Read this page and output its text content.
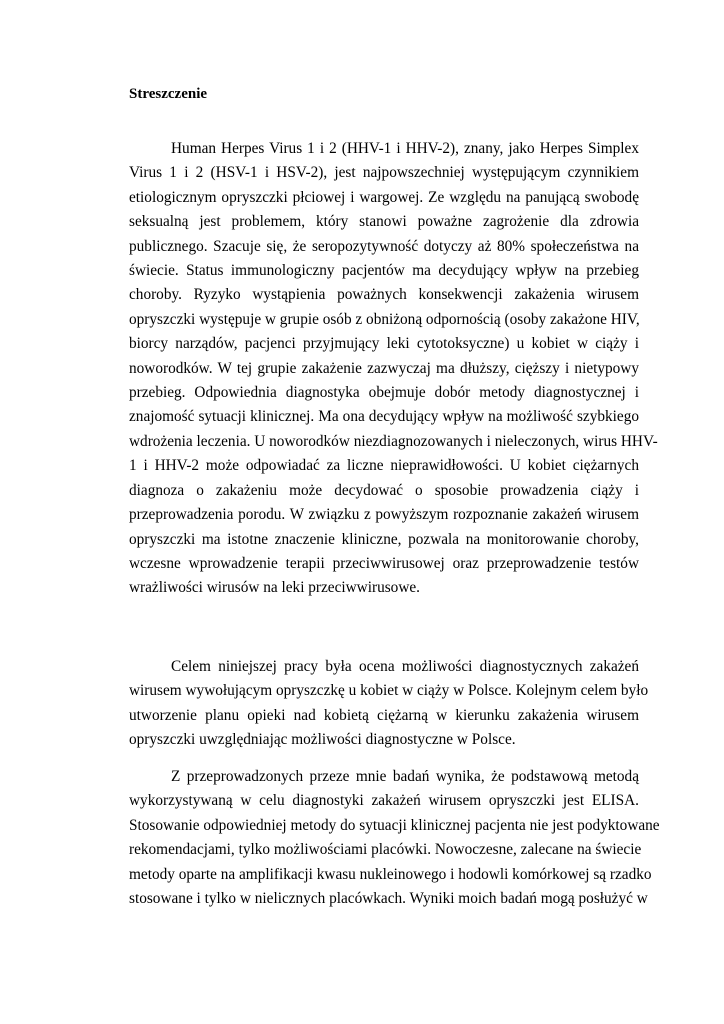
Streszczenie
Human Herpes Virus 1 i 2 (HHV-1 i HHV-2), znany, jako Herpes Simplex
Virus 1 i 2 (HSV-1 i HSV-2), jest najpowszechniej występującym czynnikiem
etiologicznym opryszczki płciowej i wargowej. Ze względu na panującą swobodę
seksualną jest problemem, który stanowi poważne zagrożenie dla zdrowia
publicznego. Szacuje się, że seropozytywność dotyczy aż 80% społeczeństwa na
świecie. Status immunologiczny pacjentów ma decydujący wpływ na przebieg
choroby. Ryzyko wystąpienia poważnych konsekwencji zakażenia wirusem
opryszczki występuje w grupie osób z obniżoną odpornością (osoby zakażone HIV,
biorcy narządów, pacjenci przyjmujący leki cytotoksyczne) u kobiet w ciąży i
noworodków. W tej grupie zakażenie zazwyczaj ma dłuższy, cięższy i nietypowy
przebieg. Odpowiednia diagnostyka obejmuje dobór metody diagnostycznej i
znajomość sytuacji klinicznej. Ma ona decydujący wpływ na możliwość szybkiego
wdrożenia leczenia. U noworodków niezdiagnozowanych i nieleczonych, wirus HHV-
1 i HHV-2 może odpowiadać za liczne nieprawidłowości. U kobiet ciężarnych
diagnoza o zakażeniu może decydować o sposobie prowadzenia ciąży i
przeprowadzenia porodu. W związku z powyższym rozpoznanie zakażeń wirusem
opryszczki ma istotne znaczenie kliniczne, pozwala na monitorowanie choroby,
wczesne wprowadzenie terapii przeciwwirusowej oraz przeprowadzenie testów
wrażliwości wirusów na leki przeciwwirusowe.
Celem niniejszej pracy była ocena możliwości diagnostycznych zakażeń
wirusem wywołującym opryszczkę u kobiet w ciąży w Polsce. Kolejnym celem było
utworzenie planu opieki nad kobietą ciężarną w kierunku zakażenia wirusem
opryszczki uwzględniając możliwości diagnostyczne w Polsce.
Z przeprowadzonych przeze mnie badań wynika, że podstawową metodą
wykorzystywaną w celu diagnostyki zakażeń wirusem opryszczki jest ELISA.
Stosowanie odpowiedniej metody do sytuacji klinicznej pacjenta nie jest podyktowane
rekomendacjami, tylko możliwościami placówki. Nowoczesne, zalecane na świecie
metody oparte na amplifikacji kwasu nukleinowego i hodowli komórkowej są rzadko
stosowane i tylko w nielicznych placówkach. Wyniki moich badań mogą posłużyć w
